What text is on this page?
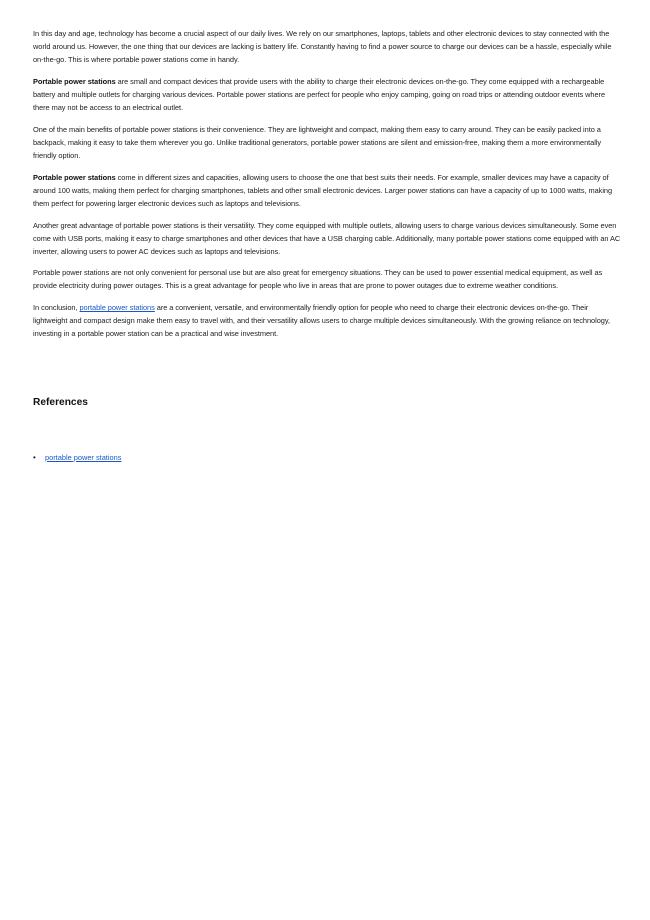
In this day and age, technology has become a crucial aspect of our daily lives. We rely on our smartphones, laptops, tablets and other electronic devices to stay connected with the world around us. However, the one thing that our devices are lacking is battery life. Constantly having to find a power source to charge our devices can be a hassle, especially while on-the-go. This is where portable power stations come in handy.

Portable power stations are small and compact devices that provide users with the ability to charge their electronic devices on-the-go. They come equipped with a rechargeable battery and multiple outlets for charging various devices. Portable power stations are perfect for people who enjoy camping, going on road trips or attending outdoor events where there may not be access to an electrical outlet.

One of the main benefits of portable power stations is their convenience. They are lightweight and compact, making them easy to carry around. They can be easily packed into a backpack, making it easy to take them wherever you go. Unlike traditional generators, portable power stations are silent and emission-free, making them a more environmentally friendly option.

Portable power stations come in different sizes and capacities, allowing users to choose the one that best suits their needs. For example, smaller devices may have a capacity of around 100 watts, making them perfect for charging smartphones, tablets and other small electronic devices. Larger power stations can have a capacity of up to 1000 watts, making them perfect for powering larger electronic devices such as laptops and televisions.

Another great advantage of portable power stations is their versatility. They come equipped with multiple outlets, allowing users to charge various devices simultaneously. Some even come with USB ports, making it easy to charge smartphones and other devices that have a USB charging cable. Additionally, many portable power stations come equipped with an AC inverter, allowing users to power AC devices such as laptops and televisions.

Portable power stations are not only convenient for personal use but are also great for emergency situations. They can be used to power essential medical equipment, as well as provide electricity during power outages. This is a great advantage for people who live in areas that are prone to power outages due to extreme weather conditions.

In conclusion, portable power stations are a convenient, versatile, and environmentally friendly option for people who need to charge their electronic devices on-the-go. Their lightweight and compact design make them easy to travel with, and their versatility allows users to charge multiple devices simultaneously. With the growing reliance on technology, investing in a portable power station can be a practical and wise investment.

References
•	portable power stations
